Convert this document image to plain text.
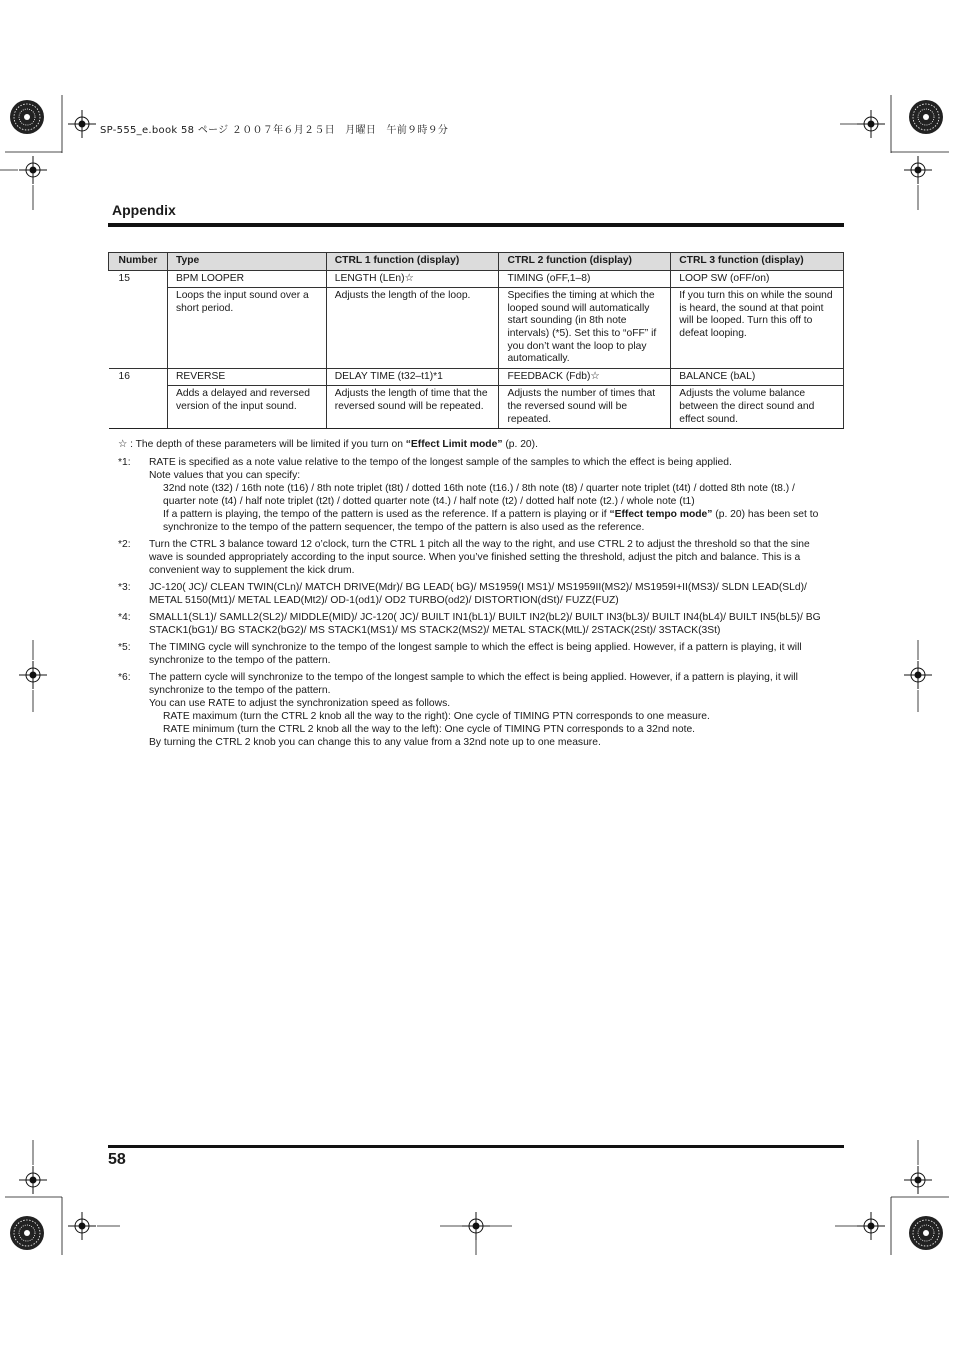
SP-555_e.book 58 ページ ２００７年６月２５日　月曜日　午前９時９分
Appendix
Number	Type	CTRL 1 function (display)	CTRL 2 function (display)	CTRL 3 function (display)
15	BPM LOOPER	LENGTH (LEn)☆	TIMING (oFF,1–8)	LOOP SW (oFF/on)
	Loops the input sound over a short period.	Adjusts the length of the loop.	Specifies the timing at which the looped sound will automatically start sounding (in 8th note intervals) (*5). Set this to “oFF” if you don’t want the loop to play automatically.	If you turn this on while the sound is heard, the sound at that point will be looped. Turn this off to defeat looping.
16	REVERSE	DELAY TIME (t32–t1)*1	FEEDBACK (Fdb)☆	BALANCE (bAL)
	Adds a delayed and reversed version of the input sound.	Adjusts the length of time that the reversed sound will be repeated.	Adjusts the number of times that the reversed sound will be repeated.	Adjusts the volume balance between the direct sound and effect sound.
☆ : The depth of these parameters will be limited if you turn on “Effect Limit mode” (p. 20).
*1:	RATE is specified as a note value relative to the tempo of the longest sample of the samples to which the effect is being applied.

Note values that you can specify:

32nd note (t32) / 16th note (t16) / 8th note triplet (t8t) / dotted 16th note (t16.) / 8th note (t8) / quarter note triplet (t4t) / dotted 8th note (t8.) / quarter note (t4) / half note triplet (t2t) / dotted quarter note (t4.) / half note (t2) / dotted half note (t2.) / whole note (t1)

If a pattern is playing, the tempo of the pattern is used as the reference. If a pattern is playing or if “Effect tempo mode” (p. 20) has been set to synchronize to the tempo of the pattern sequencer, the tempo of the pattern is also used as the reference.

*2:	Turn the CTRL 3 balance toward 12 o’clock, turn the CTRL 1 pitch all the way to the right, and use CTRL 2 to adjust the threshold so that the sine wave is sounded appropriately according to the input source. When you’ve finished setting the threshold, adjust the pitch and balance. This is a convenient way to supplement the kick drum.

*3:	JC-120( JC)/ CLEAN TWIN(CLn)/ MATCH DRIVE(Mdr)/ BG LEAD( bG)/ MS1959(I MS1)/ MS1959II(MS2)/ MS1959I+II(MS3)/ SLDN LEAD(SLd)/ METAL 5150(Mt1)/ METAL LEAD(Mt2)/ OD-1(od1)/ OD2 TURBO(od2)/ DISTORTION(dSt)/ FUZZ(FUZ)

*4:	SMALL1(SL1)/ SAMLL2(SL2)/ MIDDLE(MID)/ JC-120( JC)/ BUILT IN1(bL1)/ BUILT IN2(bL2)/ BUILT IN3(bL3)/ BUILT IN4(bL4)/ BUILT IN5(bL5)/ BG STACK1(bG1)/ BG STACK2(bG2)/ MS STACK1(MS1)/ MS STACK2(MS2)/ METAL STACK(MtL)/ 2STACK(2St)/ 3STACK(3St)

*5:	The TIMING cycle will synchronize to the tempo of the longest sample to which the effect is being applied. However, if a pattern is playing, it will synchronize to the tempo of the pattern.

*6:	The pattern cycle will synchronize to the tempo of the longest sample to which the effect is being applied. However, if a pattern is playing, it will synchronize to the tempo of the pattern.

You can use RATE to adjust the synchronization speed as follows.

RATE maximum (turn the CTRL 2 knob all the way to the right): One cycle of TIMING PTN corresponds to one measure.

RATE minimum (turn the CTRL 2 knob all the way to the left): One cycle of TIMING PTN corresponds to a 32nd note.

By turning the CTRL 2 knob you can change this to any value from a 32nd note up to one measure.

58
